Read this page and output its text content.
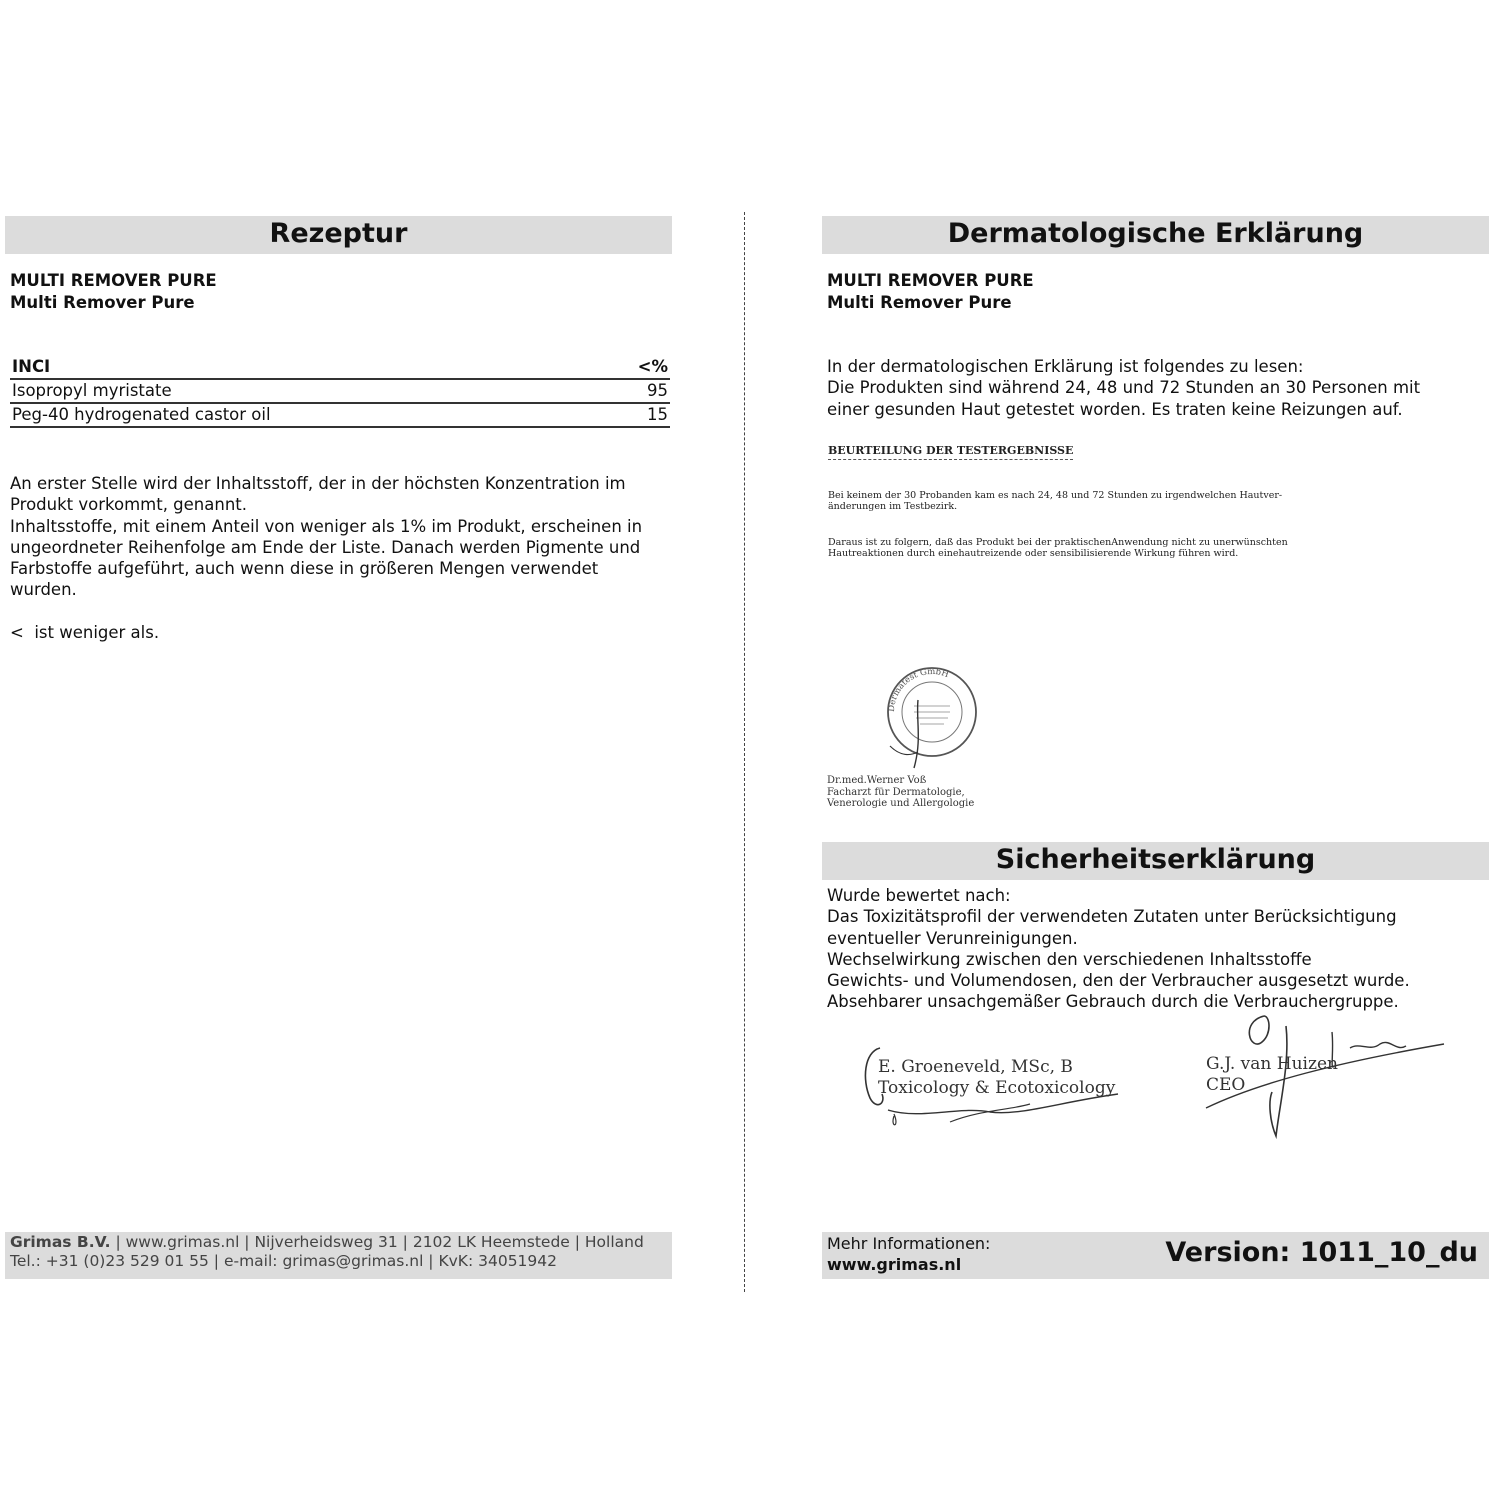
Rezeptur
MULTI REMOVER PURE
Multi Remover Pure
INCI	<%
Isopropyl myristate	95
Peg-40 hydrogenated castor oil	15
An erster Stelle wird der Inhaltsstoff, der in der höchsten Konzentration im
Produkt vorkommt, genannt.
Inhaltsstoffe, mit einem Anteil von weniger als 1% im Produkt, erscheinen in
ungeordneter Reihenfolge am Ende der Liste. Danach werden Pigmente und
Farbstoffe aufgeführt, auch wenn diese in größeren Mengen verwendet
wurden.
<  ist weniger als.
Grimas B.V. | www.grimas.nl | Nijverheidsweg 31 | 2102 LK Heemstede | Holland
Tel.: +31 (0)23 529 01 55 | e-mail: grimas@grimas.nl | KvK: 34051942
Dermatologische Erklärung
MULTI REMOVER PURE
Multi Remover Pure
In der dermatologischen Erklärung ist folgendes zu lesen:
Die Produkten sind während 24, 48 und 72 Stunden an 30 Personen mit
einer gesunden Haut getestet worden. Es traten keine Reizungen auf.
BEURTEILUNG DER TESTERGEBNISSE
Bei keinem der 30 Probanden kam es nach 24, 48 und 72 Stunden zu irgendwelchen Hautver-
änderungen im Testbezirk.
Daraus ist zu folgern, daß das Produkt bei der praktischenAnwendung nicht zu unerwünschten
Hautreaktionen durch einehautreizende oder sensibilisierende Wirkung führen wird.
Dermatest GmbH
Dr.med.Werner Voß
Facharzt für Dermatologie,
Venerologie und Allergologie
Sicherheitserklärung
Wurde bewertet nach:
Das Toxizitätsprofil der verwendeten Zutaten unter Berücksichtigung
eventueller Verunreinigungen.
Wechselwirkung zwischen den verschiedenen Inhaltsstoffe
Gewichts- und Volumendosen, den der Verbraucher ausgesetzt wurde.
Absehbarer unsachgemäßer Gebrauch durch die Verbrauchergruppe.
E. Groeneveld, MSc, B
Toxicology & Ecotoxicology
G.J. van Huizen
CEO
Mehr Informationen:
www.grimas.nl	Version: 1011_10_du
